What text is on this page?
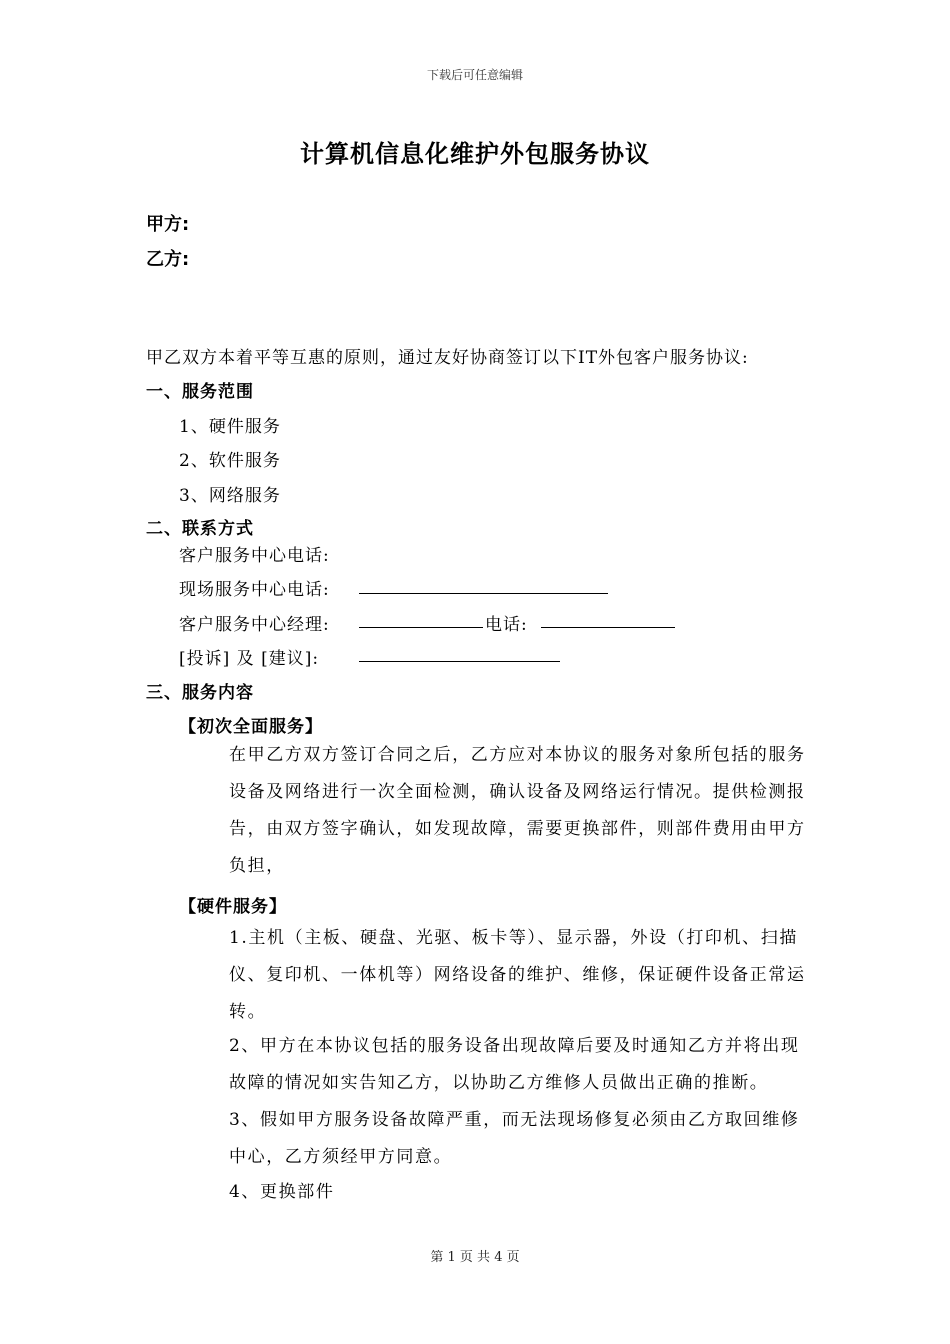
下载后可任意编辑
计算机信息化维护外包服务协议
甲方:
乙方:
甲乙双方本着平等互惠的原则，通过友好协商签订以下IT外包客户服务协议:
一、服务范围
1、硬件服务
2、软件服务
3、网络服务
二、联系方式
客户服务中心电话:
现场服务中心电话:
客户服务中心经理:	电话:
[投诉] 及 [建议]:
三、服务内容
【初次全面服务】
在甲乙方双方签订合同之后，乙方应对本协议的服务对象所包括的服务设备及网络进行一次全面检测，确认设备及网络运行情况。提供检测报告，由双方签字确认，如发现故障，需要更换部件，则部件费用由甲方负担，
【硬件服务】
1.主机（主板、硬盘、光驱、板卡等）、显示器，外设（打印机、扫描仪、复印机、一体机等）网络设备的维护、维修，保证硬件设备正常运转。
2、甲方在本协议包括的服务设备出现故障后要及时通知乙方并将出现故障的情况如实告知乙方，以协助乙方维修人员做出正确的推断。
3、假如甲方服务设备故障严重，而无法现场修复必须由乙方取回维修中心，乙方须经甲方同意。
4、更换部件
第 1 页 共 4 页
